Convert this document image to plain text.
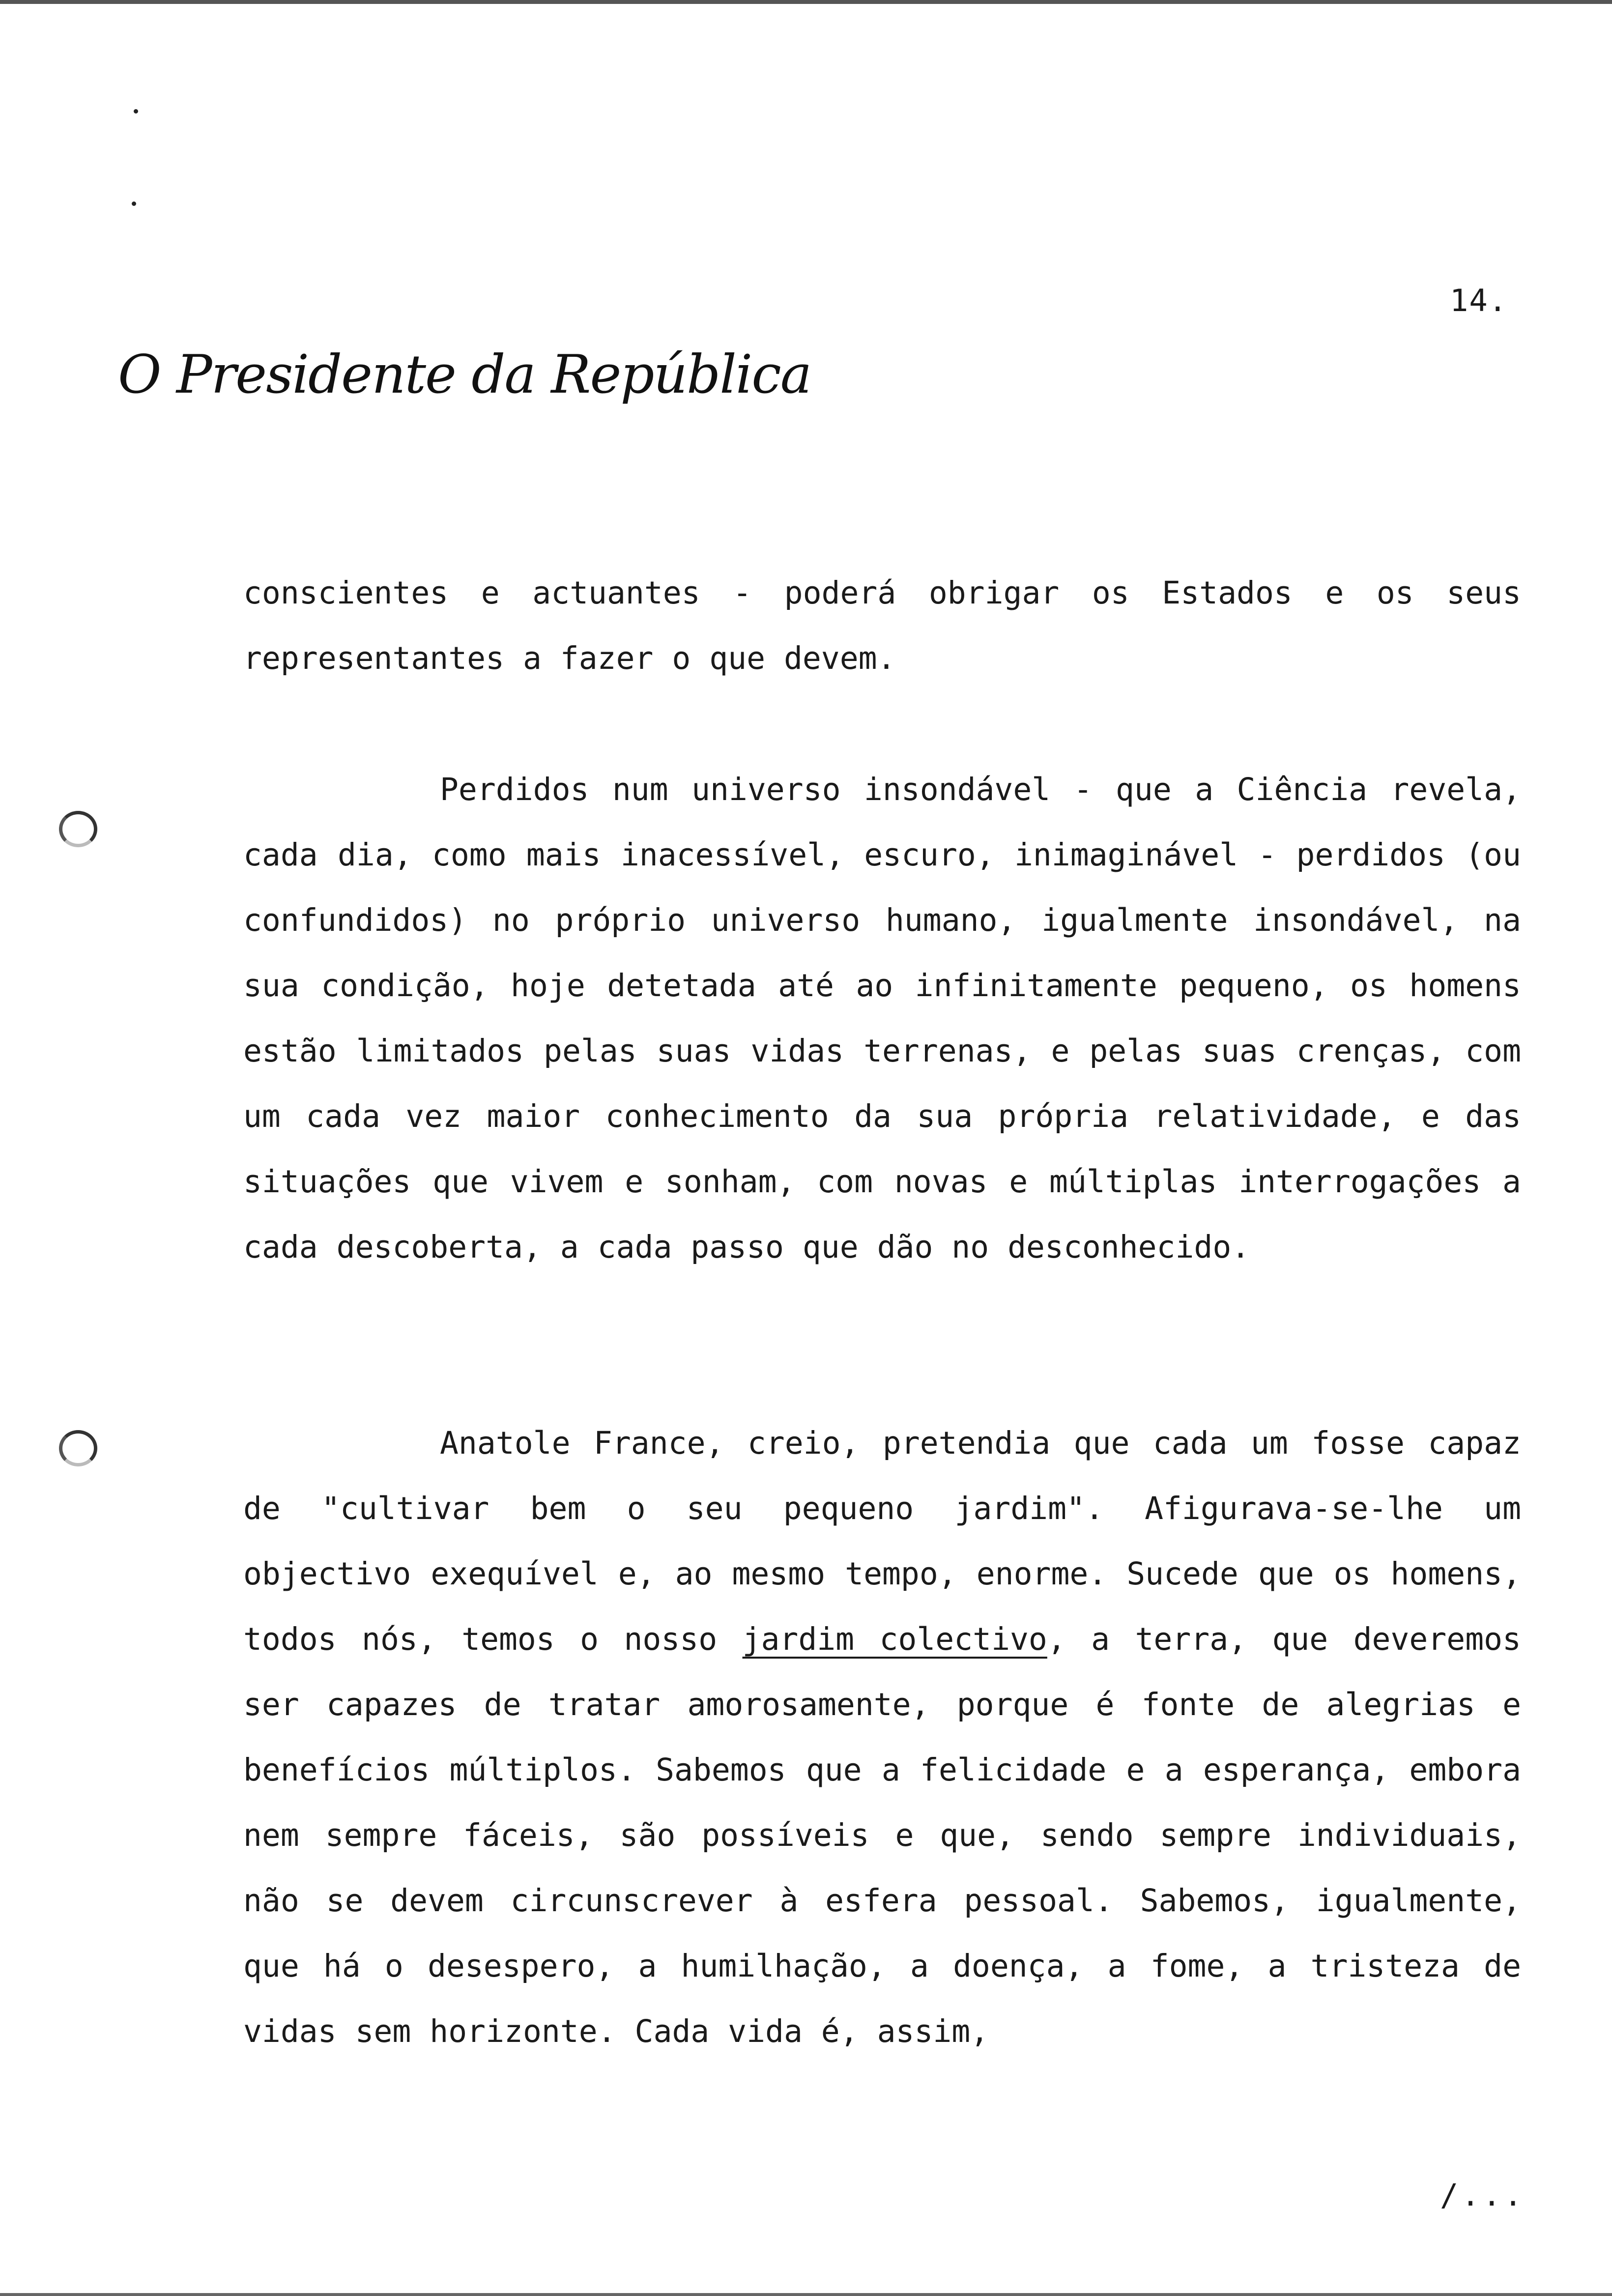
14.
O Presidente da República

conscientes e actuantes - poderá obrigar os Estados e os seus representantes a fazer o que devem.

Perdidos num universo insondável - que a Ciência revela, cada dia, como mais inacessível, escuro, inimaginável - perdidos (ou confundidos) no próprio universo humano, igualmente insondável, na sua condição, hoje detetada até ao infinitamente pequeno, os homens estão limitados pelas suas vidas terrenas, e pelas suas crenças, com um cada vez maior conhecimento da sua própria relatividade, e das situações que vivem e sonham, com novas e múltiplas interrogações a cada descoberta, a cada passo que dão no desconhecido.

Anatole France, creio, pretendia que cada um fosse capaz de "cultivar bem o seu pequeno jardim". Afigurava-se-lhe um objectivo exequível e, ao mesmo tempo, enorme. Sucede que os homens, todos nós, temos o nosso jardim colectivo, a terra, que deveremos ser capazes de tratar amorosamente, porque é fonte de alegrias e benefícios múltiplos. Sabemos que a felicidade e a esperança, embora nem sempre fáceis, são possíveis e que, sendo sempre individuais, não se devem circunscrever à esfera pessoal. Sabemos, igualmente, que há o desespero, a humilhação, a doença, a fome, a tristeza de vidas sem horizonte. Cada vida é, assim,

/...
